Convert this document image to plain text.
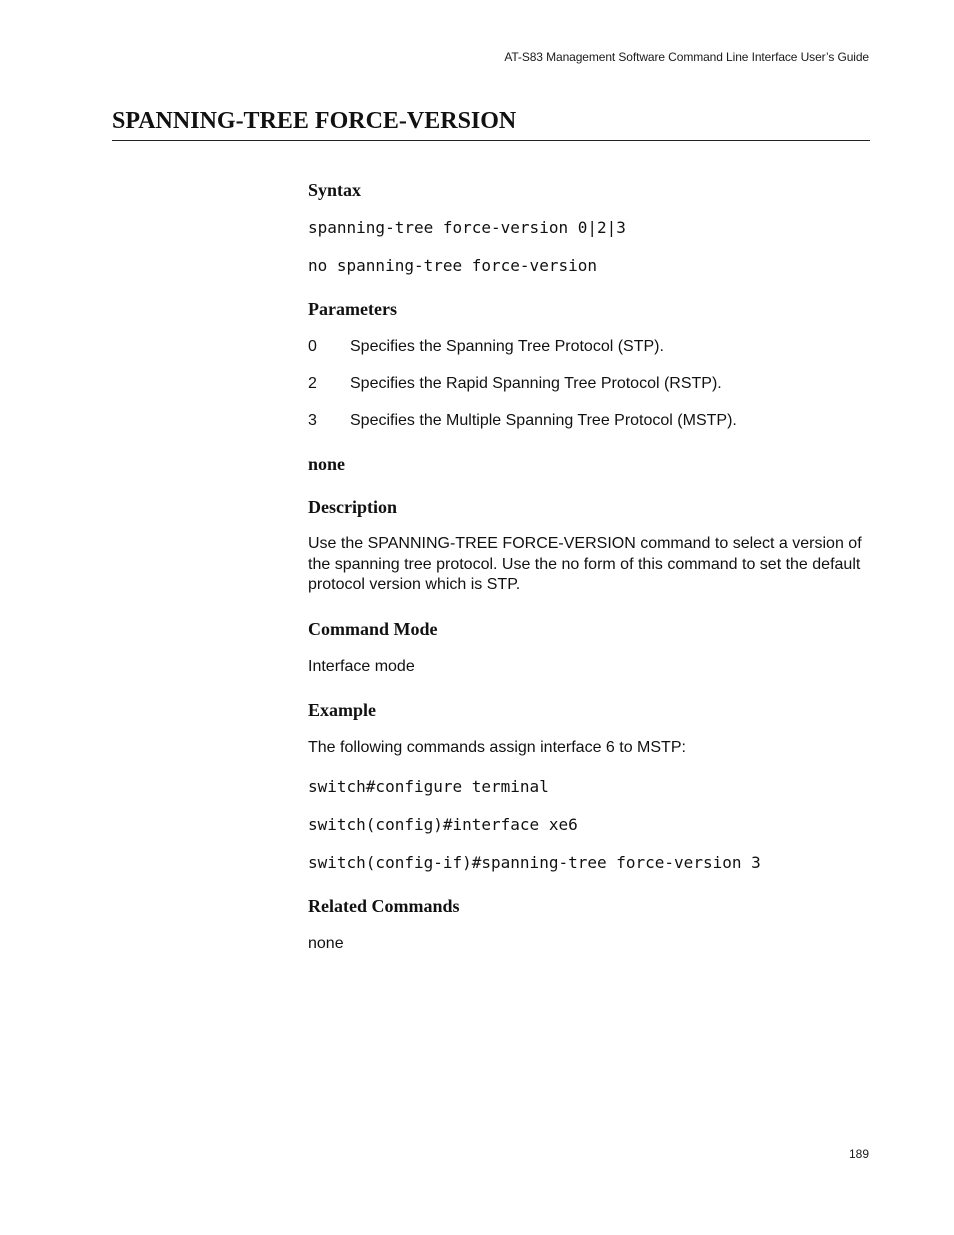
AT-S83 Management Software Command Line Interface User’s Guide
SPANNING-TREE FORCE-VERSION
Syntax

spanning-tree force-version 0|2|3

no spanning-tree force-version

Parameters
0	Specifies the Spanning Tree Protocol (STP).
2	Specifies the Rapid Spanning Tree Protocol (RSTP).
3	Specifies the Multiple Spanning Tree Protocol (MSTP).
none
Description

Use the SPANNING-TREE FORCE-VERSION command to select a version of the spanning tree protocol. Use the no form of this command to set the default protocol version which is STP.

Command Mode

Interface mode

Example

The following commands assign interface 6 to MSTP:

switch#configure terminal

switch(config)#interface xe6

switch(config-if)#spanning-tree force-version 3

Related Commands

none

189
